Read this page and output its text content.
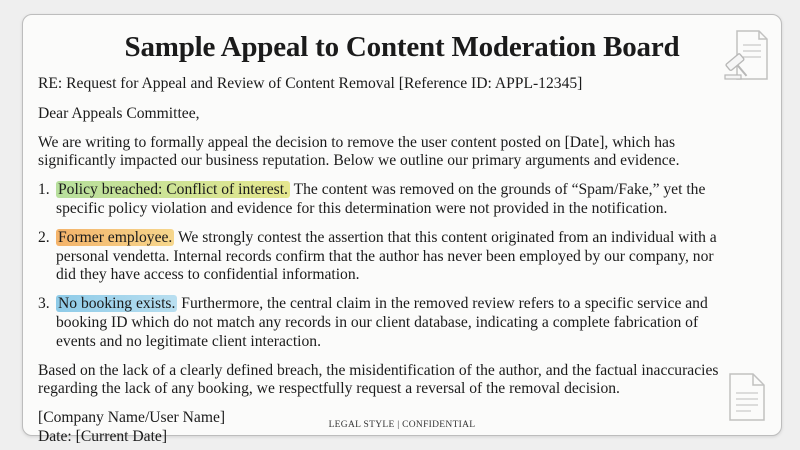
Sample Appeal to Content Moderation Board

RE: Request for Appeal and Review of Content Removal [Reference ID: APPL-12345]

Dear Appeals Committee,

We are writing to formally appeal the decision to remove the user content posted on [Date], which has significantly impacted our business reputation. Below we outline our primary arguments and evidence.

1. Policy breached: Conflict of interest. The content was removed on the grounds of “Spam/Fake,” yet the specific policy violation and evidence for this determination were not provided in the notification.
2. Former employee. We strongly contest the assertion that this content originated from an individual with a personal vendetta. Internal records confirm that the author has never been employed by our company, nor did they have access to confidential information.
3. No booking exists. Furthermore, the central claim in the removed review refers to a specific service and booking ID which do not match any records in our client database, indicating a complete fabrication of events and no legitimate client interaction.

Based on the lack of a clearly defined breach, the misidentification of the author, and the factual inaccuracies regarding the lack of any booking, we respectfully request a reversal of the removal decision.

[Company Name/User Name]

Date: [Current Date]

LEGAL STYLE | CONFIDENTIAL
